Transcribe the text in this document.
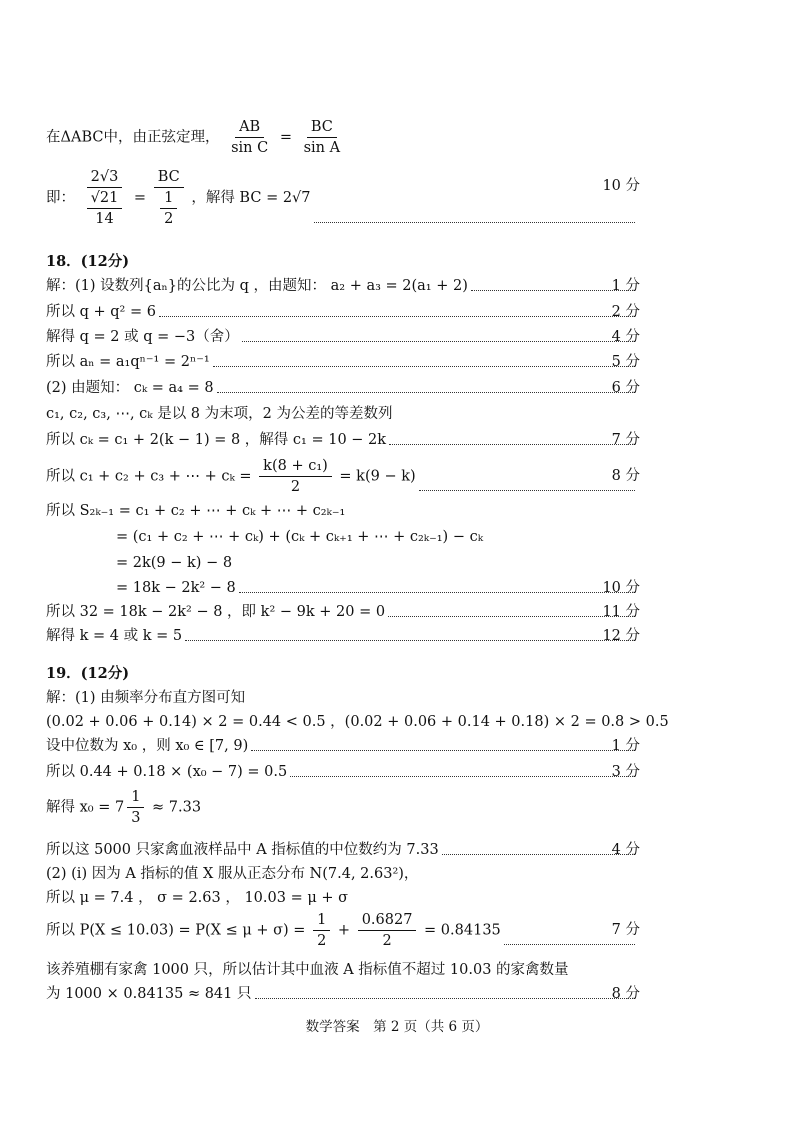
在ΔABC中，由正弦定理， $\frac{AB}{\text{sin C}} = \frac{BC}{\text{sin A}}$
即： $\frac{2√3}{\frac{√21}{14}} = \frac{BC}{\frac{1}{2}}$ ，解得 BC = 2√7
10 分
18．(12分)
解：(1) 设数列{aₙ}的公比为 q ，由题知： a₂ + a₃ = 2(a₁ + 2)	1 分
所以 q + q² = 6	2 分
解得 q = 2 或 q = −3（舍）	4 分
所以 aₙ = a₁qⁿ⁻¹ = 2ⁿ⁻¹	5 分
(2) 由题知： cₖ = a₄ = 8	6 分
c₁, c₂, c₃, ⋯, cₖ 是以 8 为末项，2 为公差的等差数列
所以 cₖ = c₁ + 2(k − 1) = 8 ，解得 c₁ = 10 − 2k	7 分
所以 c₁ + c₂ + c₃ + ⋯ + $c_k = \frac{\text{k(8 + c₁)}}{2} = k(9 - k)$	8 分
所以 S₂ₖ₋₁ = c₁ + c₂ + ⋯ + cₖ + ⋯ + c₂ₖ₋₁
= (c₁ + c₂ + ⋯ + cₖ) + (cₖ + cₖ₊₁ + ⋯ + c₂ₖ₋₁) − cₖ
= 2k(9 − k) − 8
= 18k − 2k² − 8	10 分
所以 32 = 18k − 2k² − 8 ，即 k² − 9k + 20 = 0	11 分
解得 k = 4 或 k = 5	12 分
19．(12分)
解：(1) 由频率分布直方图可知
(0.02 + 0.06 + 0.14) × 2 = 0.44 < 0.5 ，(0.02 + 0.06 + 0.14 + 0.18) × 2 = 0.8 > 0.5
设中位数为 x₀ ，则 x₀ ∈ [7, 9)	1 分
所以 0.44 + 0.18 × (x₀ − 7) = 0.5	3 分
解得 $x_0 = 7 \frac{1}{3} \approx 7.33$
所以这 5000 只家禽血液样品中 A 指标值的中位数约为 7.33	4 分
(2) (i) 因为 A 指标的值 X 服从正态分布 N(7.4, 2.63²)，
所以 μ = 7.4 ， σ = 2.63 ， 10.03 = μ + σ
所以 $P(X \le 10.03) = P(X \le \mu + \sigma) = \frac{1}{2} + \frac{0.6827}{2} = 0.84135$	7 分
该养殖棚有家禽 1000 只，所以估计其中血液 A 指标值不超过 10.03 的家禽数量
为 1000 × 0.84135 ≈ 841 只	8 分
数学答案　第 2 页（共 6 页）
